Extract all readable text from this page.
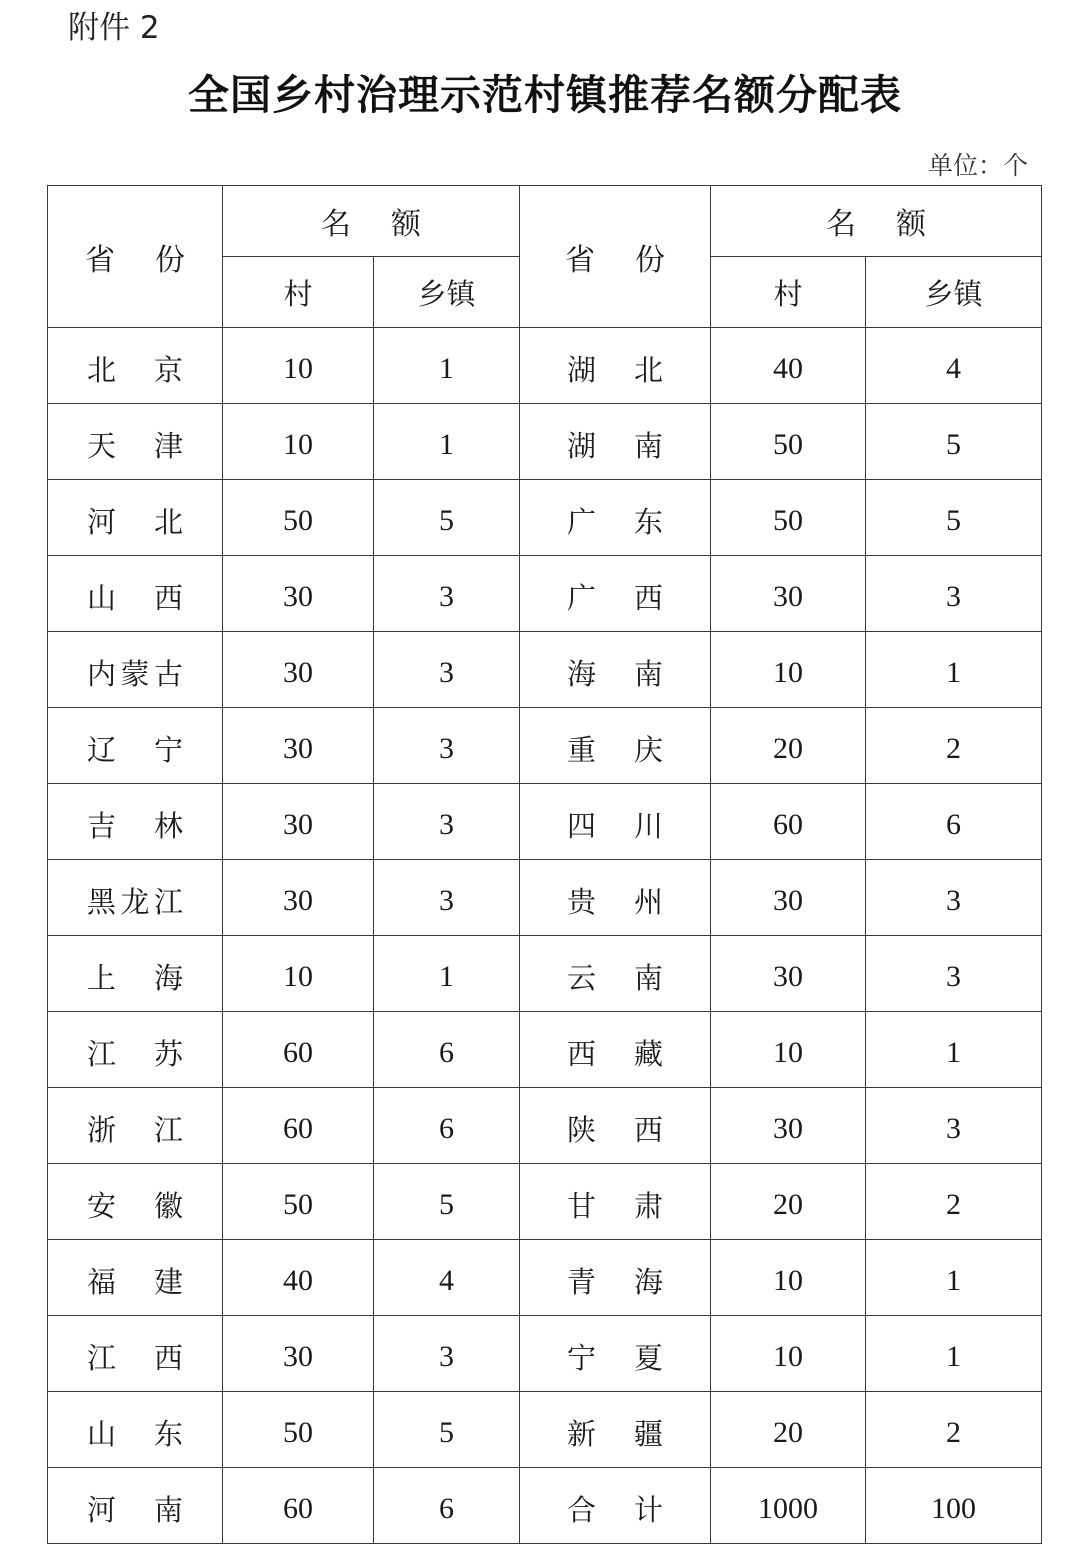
附件 2
全国乡村治理示范村镇推荐名额分配表
单位：个
省 份	名 额		省 份	名 额	
	村	乡镇		村	乡镇
北 京	10	1	湖 北	40	4
天 津	10	1	湖 南	50	5
河 北	50	5	广 东	50	5
山 西	30	3	广 西	30	3
内蒙古	30	3	海 南	10	1
辽 宁	30	3	重 庆	20	2
吉 林	30	3	四 川	60	6
黑龙江	30	3	贵 州	30	3
上 海	10	1	云 南	30	3
江 苏	60	6	西 藏	10	1
浙 江	60	6	陕 西	30	3
安 徽	50	5	甘 肃	20	2
福 建	40	4	青 海	10	1
江 西	30	3	宁 夏	10	1
山 东	50	5	新 疆	20	2
河 南	60	6	合 计	1000	100
